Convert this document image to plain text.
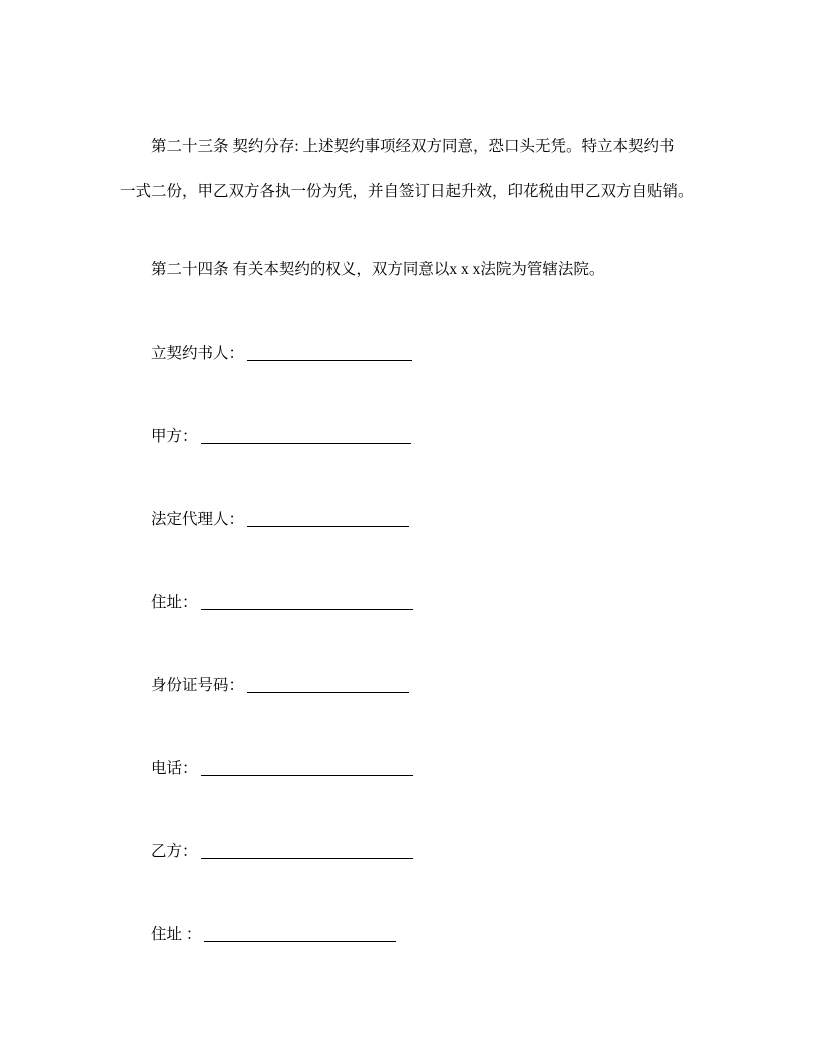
第二十三条 契约分存: 上述契约事项经双方同意，恐口头无凭。特立本契约书

一式二份，甲乙双方各执一份为凭，并自签订日起升效，印花税由甲乙双方自贴销。

第二十四条 有关本契约的权义，双方同意以x x x法院为管辖法院。

立契约书人：
甲方：
法定代理人：
住址：
身份证号码：
电话：
乙方：
住址 ：
